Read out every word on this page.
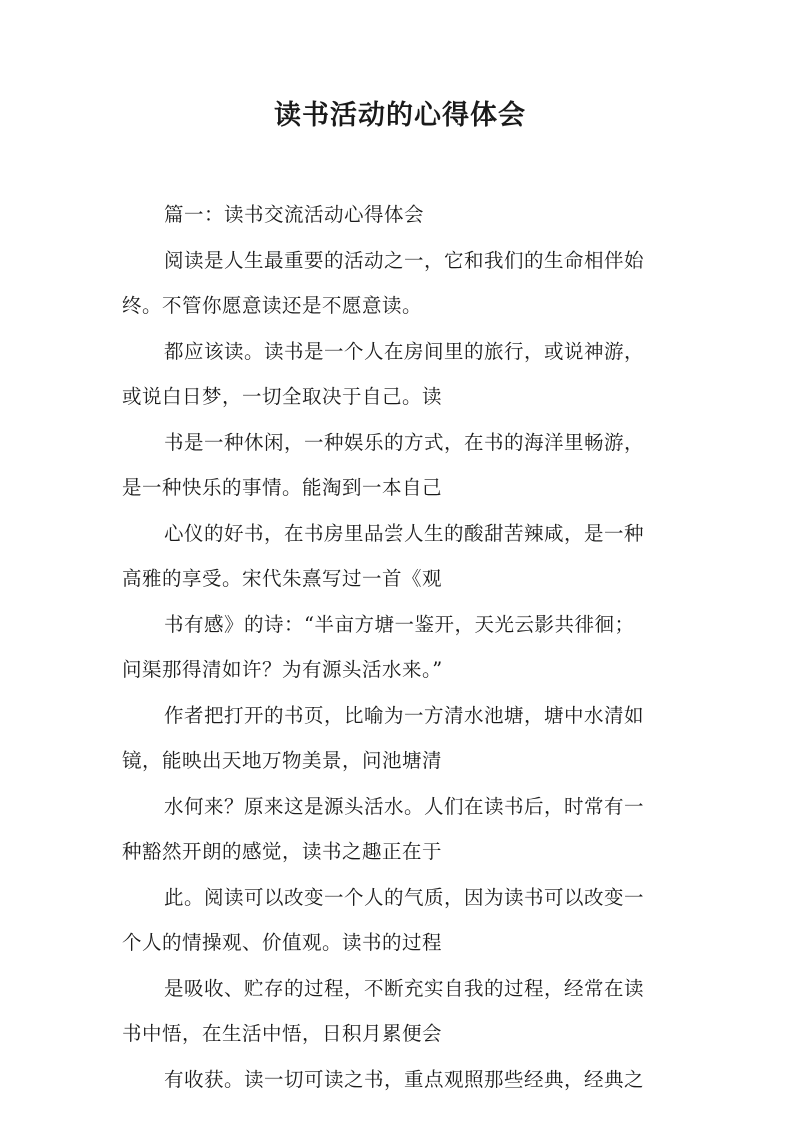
读书活动的心得体会

篇一：读书交流活动心得体会

阅读是人生最重要的活动之一，它和我们的生命相伴始
终。不管你愿意读还是不愿意读。

都应该读。读书是一个人在房间里的旅行，或说神游，
或说白日梦，一切全取决于自己。读

书是一种休闲，一种娱乐的方式，在书的海洋里畅游，
是一种快乐的事情。能淘到一本自己

心仪的好书，在书房里品尝人生的酸甜苦辣咸，是一种
高雅的享受。宋代朱熹写过一首《观

书有感》的诗：“半亩方塘一鉴开，天光云影共徘徊；
问渠那得清如许？为有源头活水来。”

作者把打开的书页，比喻为一方清水池塘，塘中水清如
镜，能映出天地万物美景，问池塘清

水何来？原来这是源头活水。人们在读书后，时常有一
种豁然开朗的感觉，读书之趣正在于

此。阅读可以改变一个人的气质，因为读书可以改变一
个人的情操观、价值观。读书的过程

是吸收、贮存的过程，不断充实自我的过程，经常在读
书中悟，在生活中悟，日积月累便会

有收获。读一切可读之书，重点观照那些经典，经典之
